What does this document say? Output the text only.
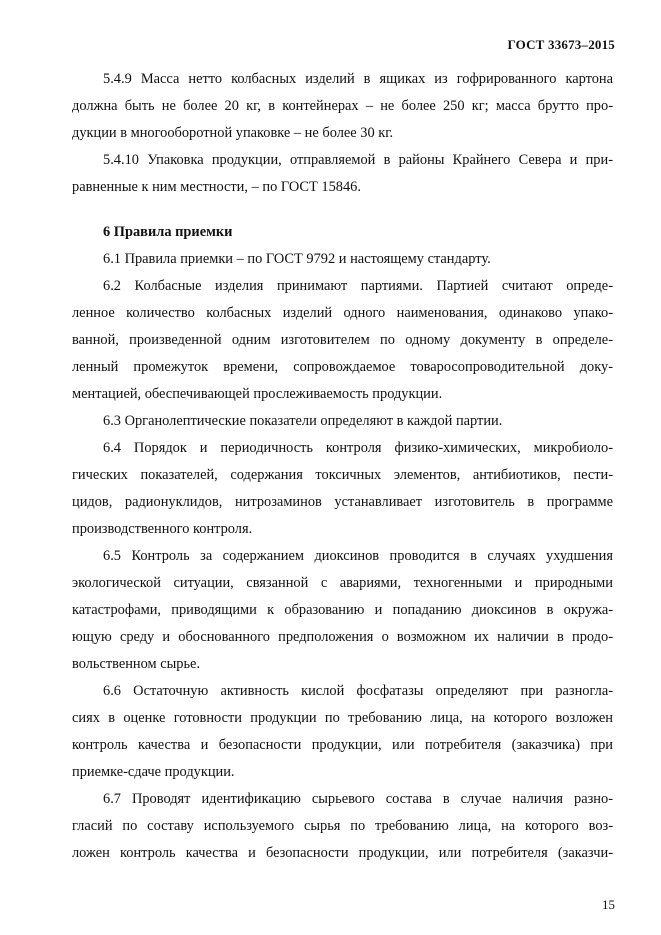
ГОСТ 33673–2015

5.4.9 Масса нетто колбасных изделий в ящиках из гофрированного картона
должна быть не более 20 кг, в контейнерах – не более 250 кг; масса брутто про-
дукции в многооборотной упаковке – не более 30 кг.

5.4.10 Упаковка продукции, отправляемой в районы Крайнего Севера и при-
равненные к ним местности, – по ГОСТ 15846.

6 Правила приемки

6.1 Правила приемки – по ГОСТ 9792 и настоящему стандарту.

6.2 Колбасные изделия принимают партиями. Партией считают опреде-
ленное количество колбасных изделий одного наименования, одинаково упако-
ванной, произведенной одним изготовителем по одному документу в определе-
ленный промежуток времени, сопровождаемое товаросопроводительной доку-
ментацией, обеспечивающей прослеживаемость продукции.

6.3 Органолептические показатели определяют в каждой партии.

6.4 Порядок и периодичность контроля физико-химических, микробиоло-
гических показателей, содержания токсичных элементов, антибиотиков, пести-
цидов, радионуклидов, нитрозаминов устанавливает изготовитель в программе
производственного контроля.

6.5 Контроль за содержанием диоксинов проводится в случаях ухудшения
экологической ситуации, связанной с авариями, техногенными и природными
катастрофами, приводящими к образованию и попаданию диоксинов в окружа-
ющую среду и обоснованного предположения о возможном их наличии в продо-
вольственном сырье.

6.6 Остаточную активность кислой фосфатазы определяют при разногла-
сиях в оценке готовности продукции по требованию лица, на которого возложен
контроль качества и безопасности продукции, или потребителя (заказчика) при
приемке-сдаче продукции.

6.7 Проводят идентификацию сырьевого состава в случае наличия разно-
гласий по составу используемого сырья по требованию лица, на которого воз-
ложен контроль качества и безопасности продукции, или потребителя (заказчи-

15
